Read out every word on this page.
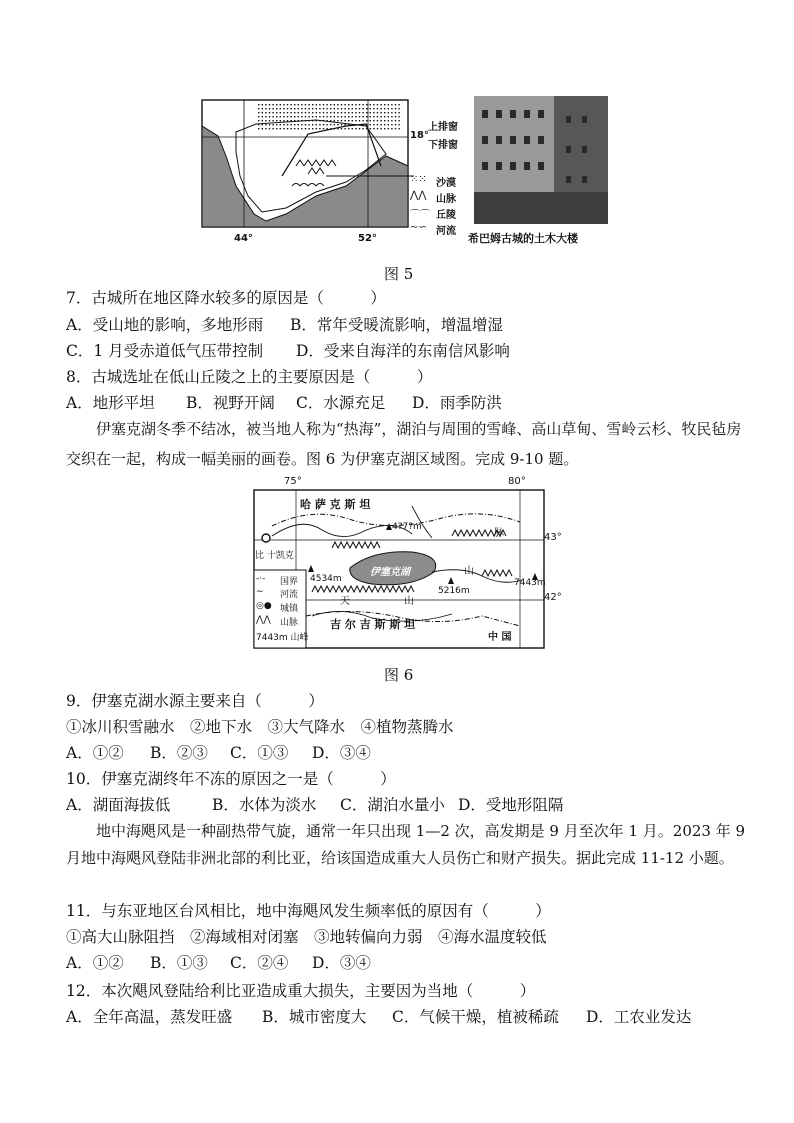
18°
44°	52°
上排窗
下排窗
⁙⁙ 沙漠
⋀⋀ 山脉
⌒⌒ 丘陵
∼∽ 河流
希巴姆古城的土木大楼
图 5
7．古城所在地区降水较多的原因是（　　　）
A．受山地的影响，多地形雨 B．常年受暖流影响，增温增湿
C．1 月受赤道低气压带控制 D．受来自海洋的东南信风影响
8．古城选址在低山丘陵之上的主要原因是（　　　）
A．地形平坦 B．视野开阔 C．水源充足 D．雨季防洪
伊塞克湖冬季不结冰，被当地人称为“热海”，湖泊与周围的雪峰、高山草甸、雪岭云杉、牧民毡房交织在一起，构成一幅美丽的画卷。图 6 为伊塞克湖区域图。完成 9-10 题。
75°	80°
43°
42°
哈 萨 克 斯 坦
吉 尔 吉 斯 斯 坦
中 国
伊塞克湖
比 十凯克
脉
山
天	山
4?7?m
4534m
5216m
7443m
-·- 国界
∼ 河流
◎● 城镇
⋀⋀ 山脉
7443m 山峰
图 6
9．伊塞克湖水源主要来自（　　　）
①冰川积雪融水　②地下水　③大气降水　④植物蒸腾水
A．①② B．②③ C．①③ D．③④
10．伊塞克湖终年不冻的原因之一是（　　　）
A．湖面海拔低	B．水体为淡水 C．湖泊水量小 D．受地形阻隔
地中海飓风是一种副热带气旋，通常一年只出现 1—2 次，高发期是 9 月至次年 1 月。2023 年 9 月地中海飓风登陆非洲北部的利比亚，给该国造成重大人员伤亡和财产损失。据此完成 11-12 小题。
11．与东亚地区台风相比，地中海飓风发生频率低的原因有（　　　）
①高大山脉阻挡　②海域相对闭塞　③地转偏向力弱　④海水温度较低
A．①② B．①③ C．②④ D．③④
12．本次飓风登陆给利比亚造成重大损失，主要因为当地（　　　）
A．全年高温，蒸发旺盛 B．城市密度大 C．气候干燥，植被稀疏 D．工农业发达
